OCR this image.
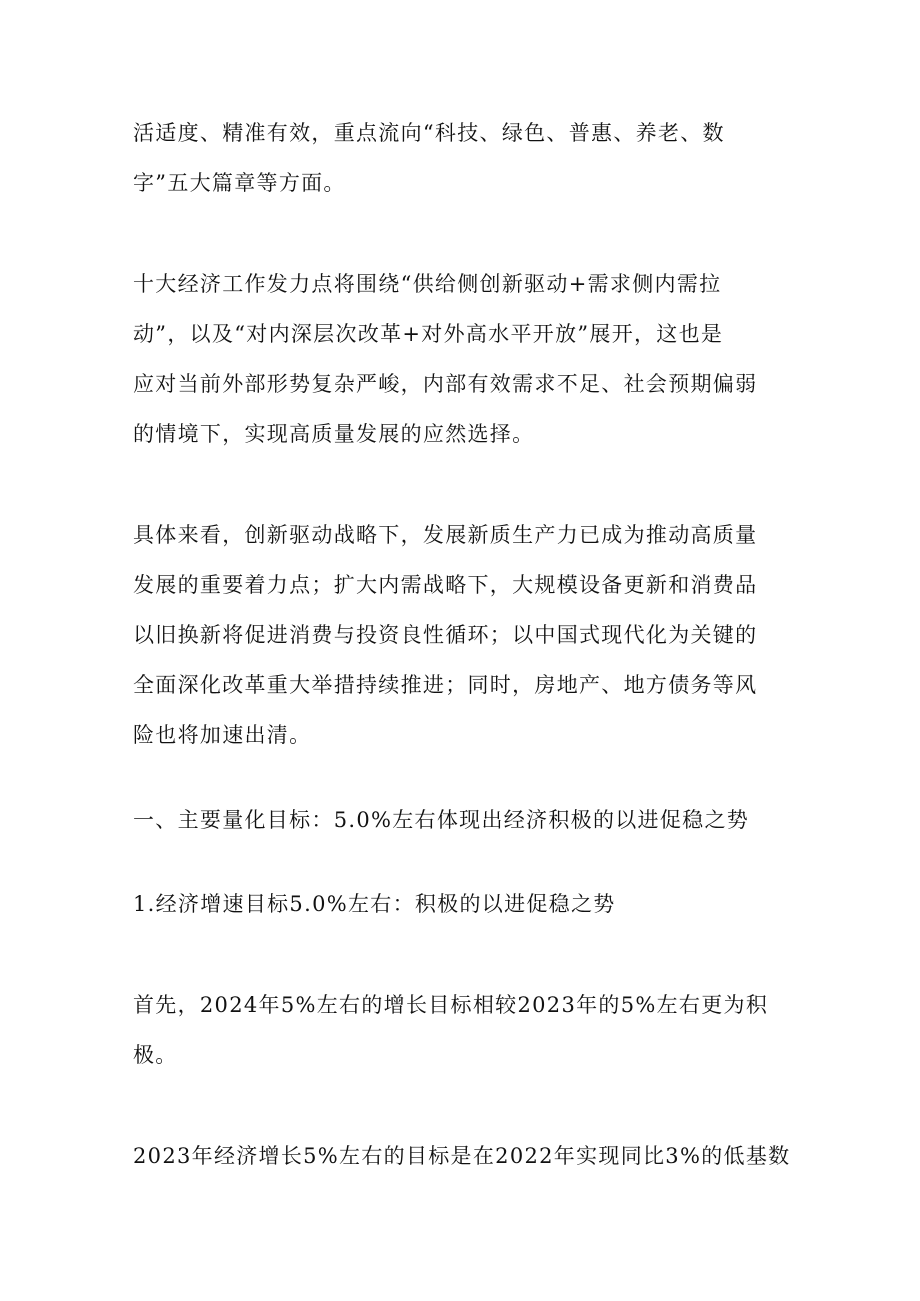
活适度、精准有效，重点流向“科技、绿色、普惠、养老、数

字”五大篇章等方面。

十大经济工作发力点将围绕“供给侧创新驱动+需求侧内需拉

动”，以及“对内深层次改革+对外高水平开放”展开，这也是

应对当前外部形势复杂严峻，内部有效需求不足、社会预期偏弱

的情境下，实现高质量发展的应然选择。

具体来看，创新驱动战略下，发展新质生产力已成为推动高质量

发展的重要着力点；扩大内需战略下，大规模设备更新和消费品

以旧换新将促进消费与投资良性循环；以中国式现代化为关键的

全面深化改革重大举措持续推进；同时，房地产、地方债务等风

险也将加速出清。

一、主要量化目标：5.0%左右体现出经济积极的以进促稳之势

1.经济增速目标5.0%左右：积极的以进促稳之势

首先，2024年5%左右的增长目标相较2023年的5%左右更为积

极。

2023年经济增长5%左右的目标是在2022年实现同比3%的低基数
